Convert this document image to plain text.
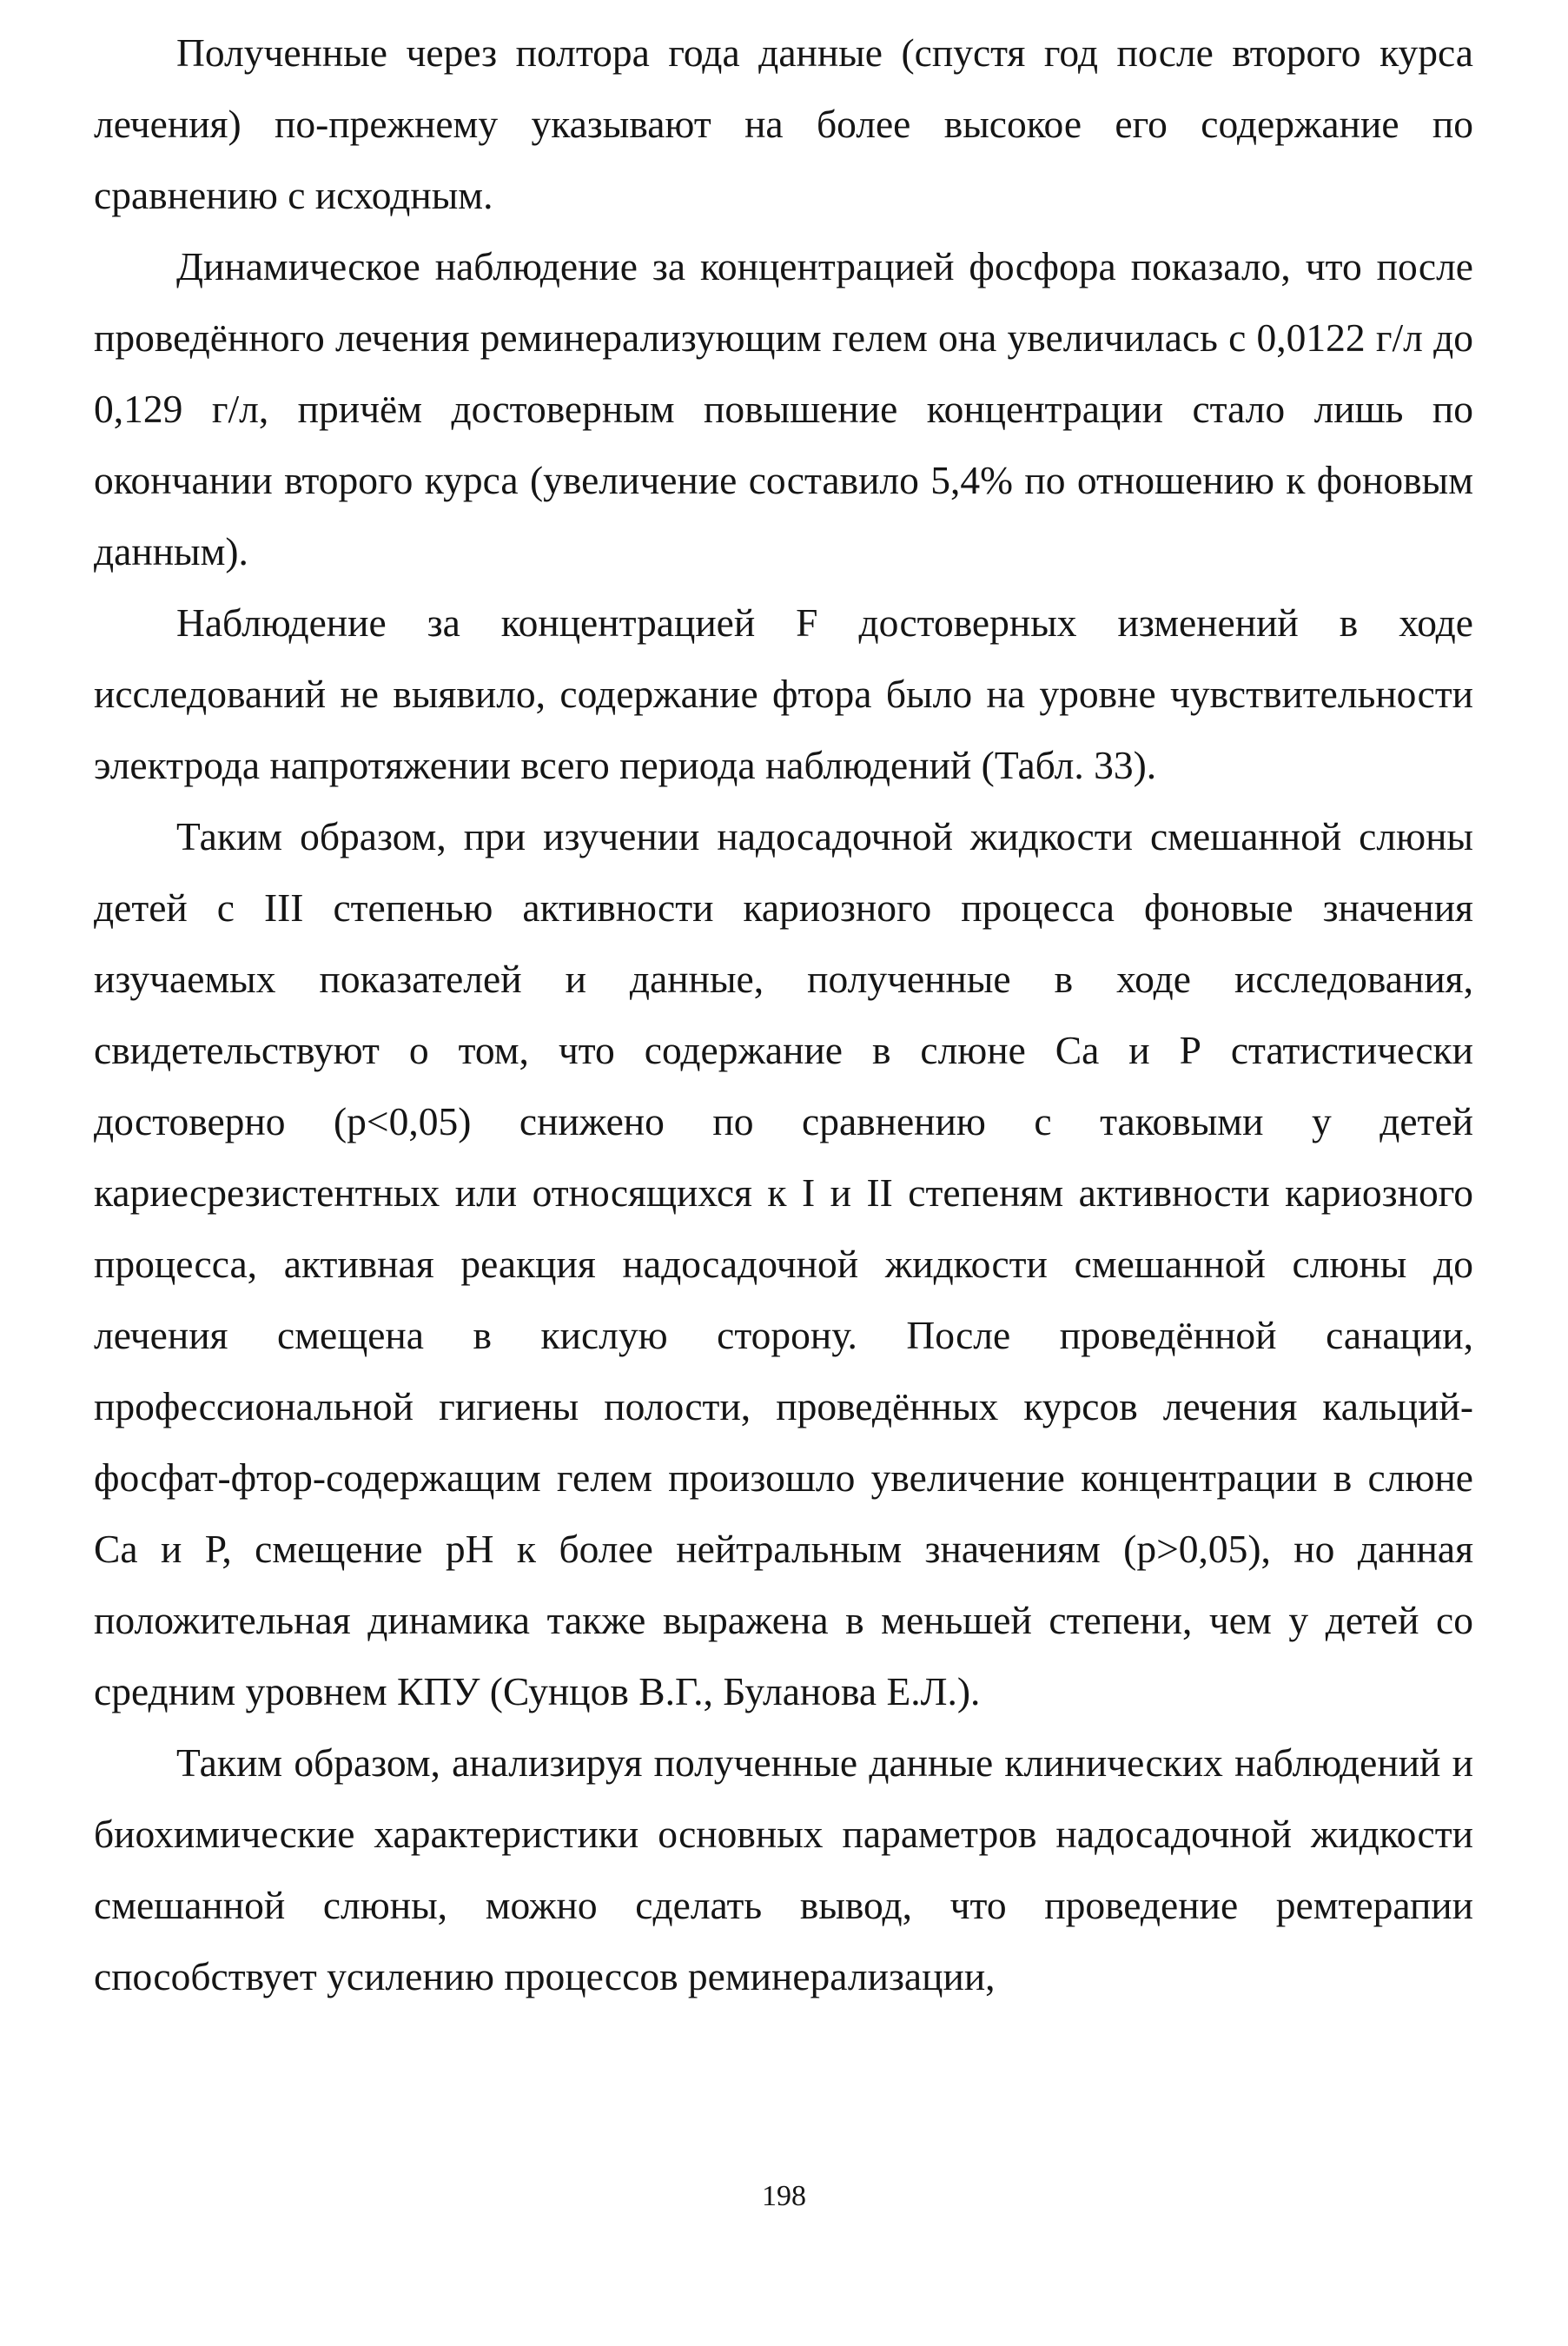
Полученные через полтора года данные (спустя год после второго курса лечения) по-прежнему указывают на более высокое его содержание по сравнению с исходным.

Динамическое наблюдение за концентрацией фосфора показало, что после проведённого лечения реминерализующим гелем она увеличилась с 0,0122 г/л до 0,129 г/л, причём достоверным повышение концентрации стало лишь по окончании второго курса (увеличение составило 5,4% по отношению к фоновым данным).

Наблюдение за концентрацией F достоверных изменений в ходе исследований не выявило, содержание фтора было на уровне чувствительности электрода напротяжении всего периода наблюдений (Табл. 33).

Таким образом, при изучении надосадочной жидкости смешанной слюны детей с III степенью активности кариозного процесса фоновые значения изучаемых показателей и данные, полученные в ходе исследования, свидетельствуют о том, что содержание в слюне Са и Р статистически достоверно (p<0,05) снижено по сравнению с таковыми у детей кариесрезистентных или относящихся к I и II степеням активности кариозного процесса, активная реакция надосадочной жидкости смешанной слюны до лечения смещена в кислую сторону. После проведённой санации, профессиональной гигиены полости, проведённых курсов лечения кальций-фосфат-фтор-содержащим гелем произошло увеличение концентрации в слюне Са и Р, смещение pH к более нейтральным значениям (p>0,05), но данная положительная динамика также выражена в меньшей степени, чем у детей со средним уровнем КПУ (Сунцов В.Г., Буланова Е.Л.).

Таким образом, анализируя полученные данные клинических наблюдений и биохимические характеристики основных параметров надосадочной жидкости смешанной слюны, можно сделать вывод, что проведение ремтерапии способствует усилению процессов реминерализации,

198
